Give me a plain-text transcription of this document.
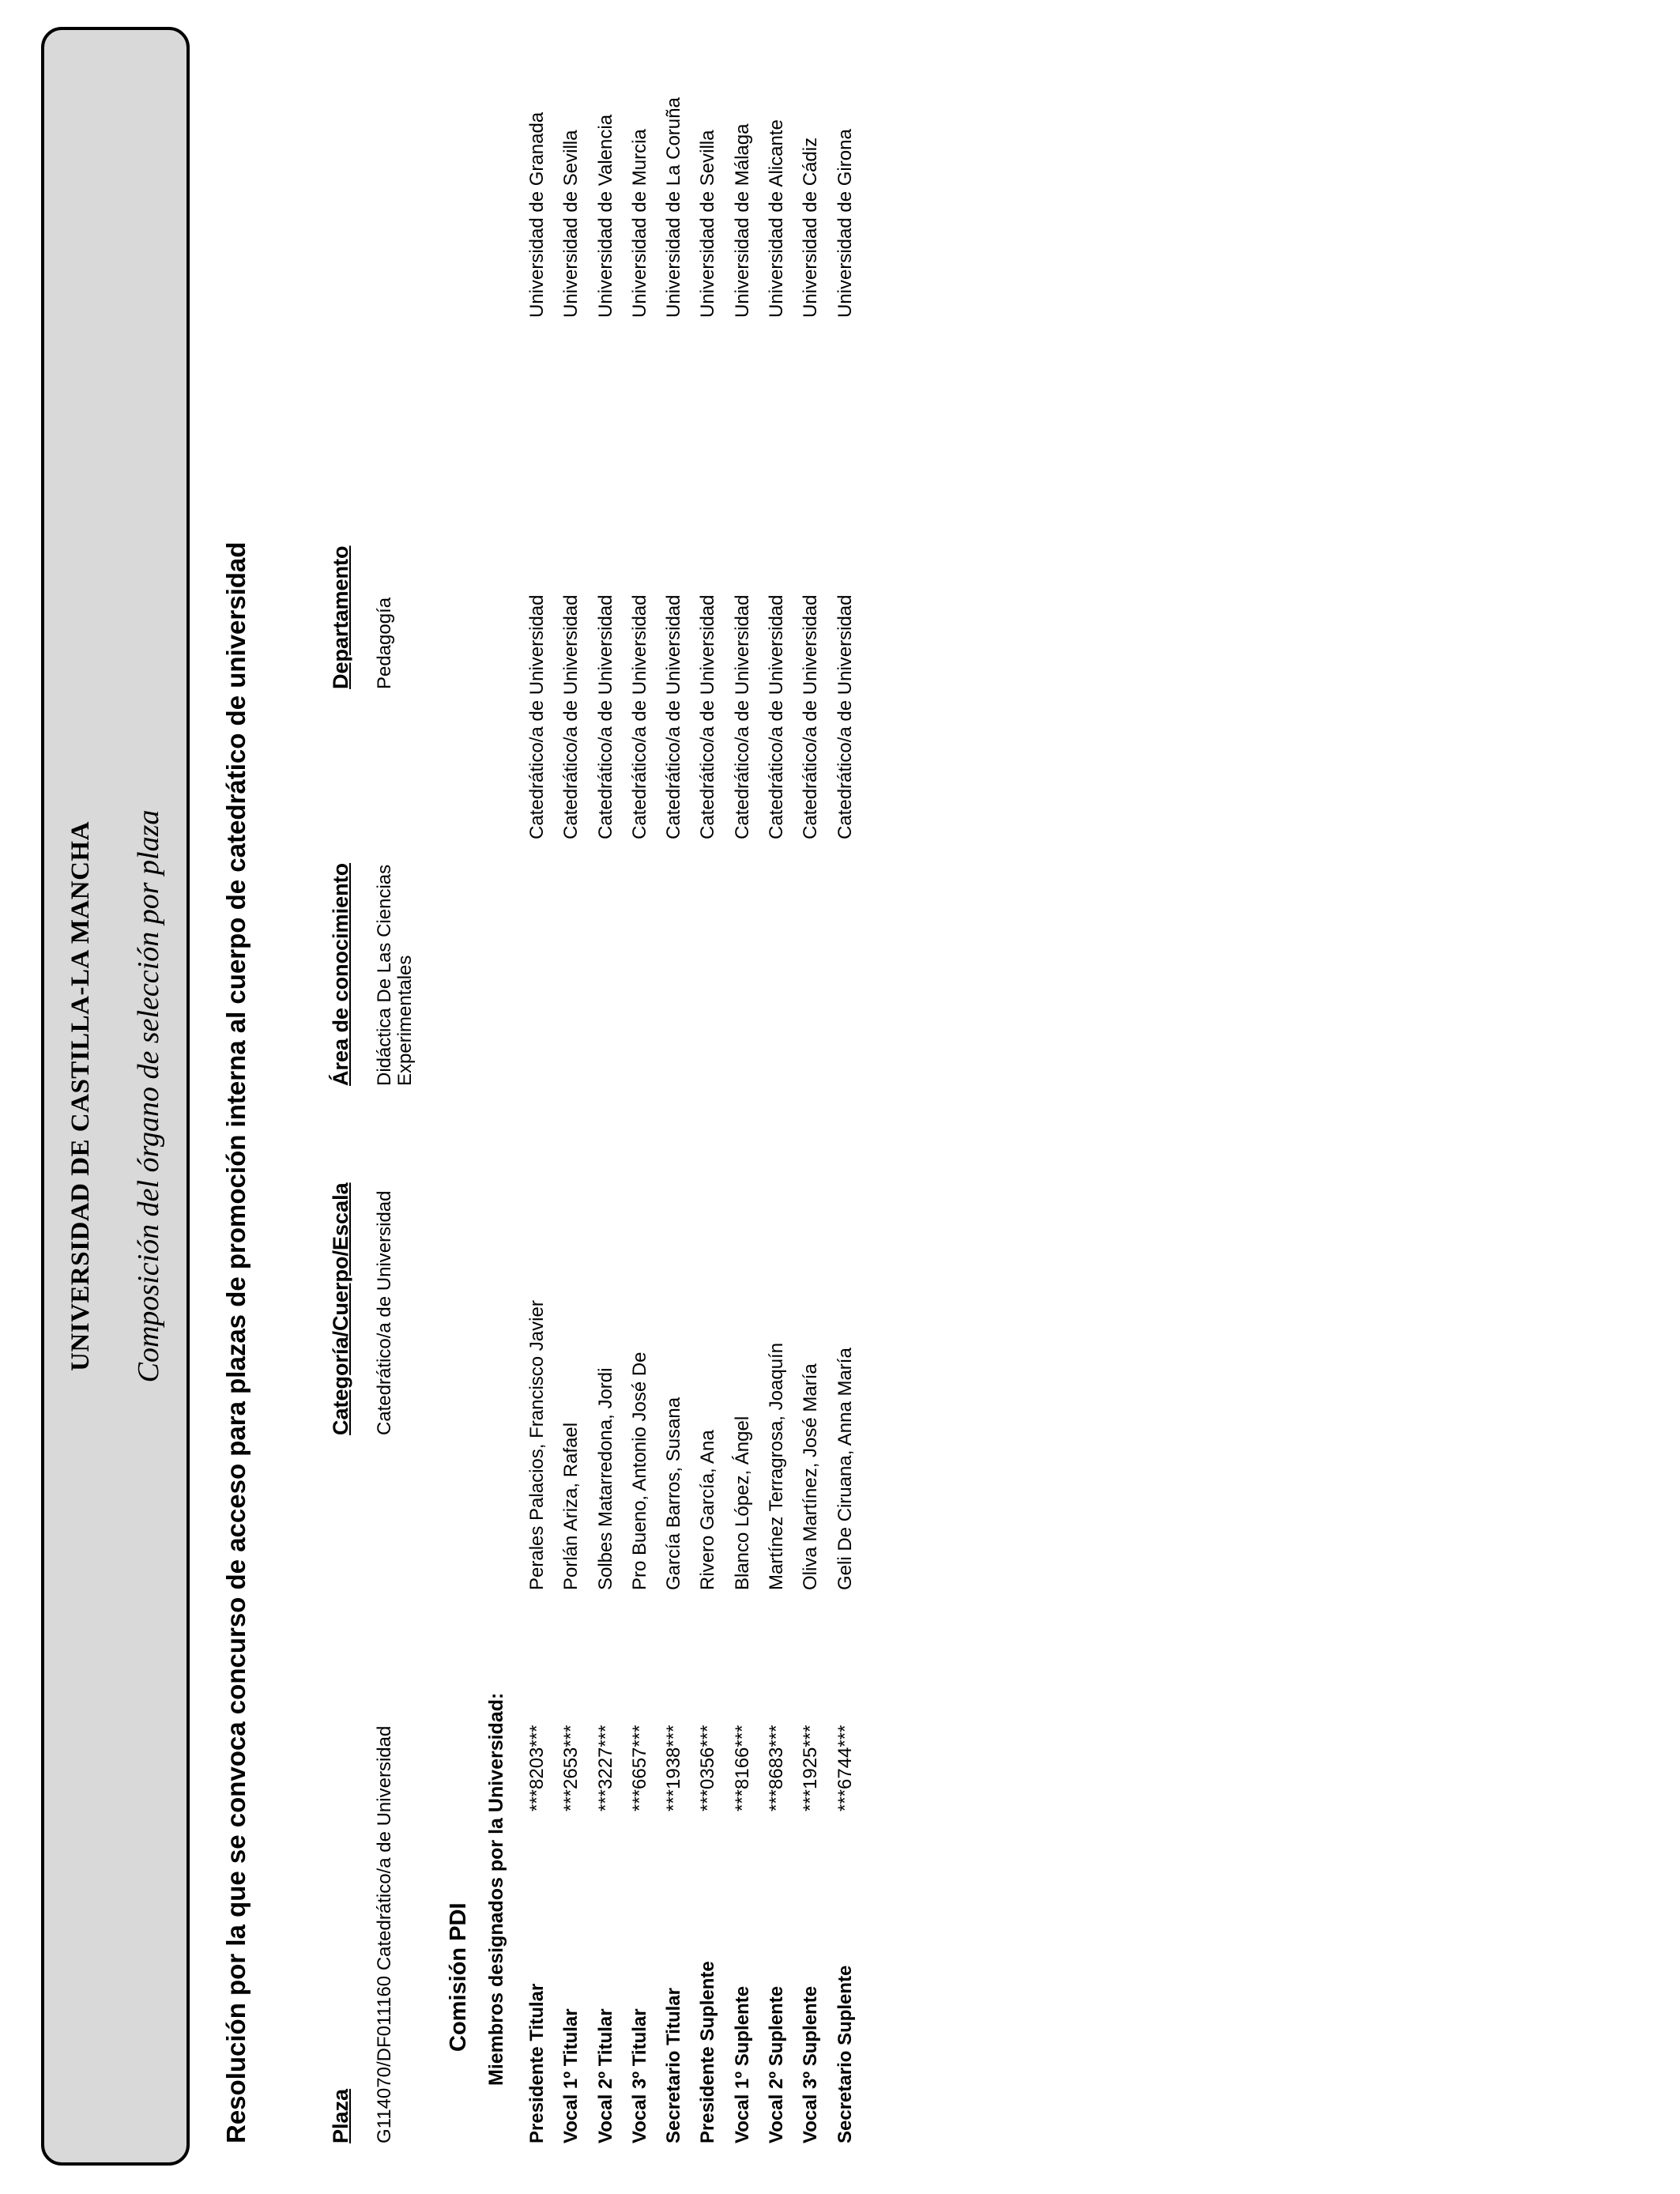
UNIVERSIDAD DE CASTILLA-LA MANCHA Composición del órgano de selección por plaza Resolución por la que se convoca concurso de acceso para plazas de promoción interna al cuerpo de catedrático de universidad	Plaza
Categoría/Cuerpo/Escala
Área de conocimiento
Departamento
G114070/DF011160 Catedrático/a de Universidad
Catedrático/a de Universidad
Didáctica De Las Ciencias Experimentales
Pedagogía
Comisión PDI Miembros designados por la Universidad: Presidente Titular
***8203***
Perales Palacios, Francisco Javier
Catedrático/a de Universidad
Universidad de Granada
Vocal 1º Titular
***2653***
Porlán Ariza, Rafael
Catedrático/a de Universidad
Universidad de Sevilla
Vocal 2º Titular
***3227***
Solbes Matarredona, Jordi
Catedrático/a de Universidad
Universidad de Valencia
Vocal 3º Titular
***6657***
Pro Bueno, Antonio José De
Catedrático/a de Universidad
Universidad de Murcia
Secretario Titular
***1938***
García Barros, Susana
Catedrático/a de Universidad
Universidad de La Coruña
Presidente Suplente
***0356***
Rivero García, Ana
Catedrático/a de Universidad
Universidad de Sevilla
Vocal 1º Suplente
***8166***
Blanco López, Ángel
Catedrático/a de Universidad
Universidad de Málaga
Vocal 2º Suplente
***8683***
Martínez Terragrosa, Joaquín
Catedrático/a de Universidad
Universidad de Alicante
Vocal 3º Suplente
***1925***
Oliva Martínez, José María
Catedrático/a de Universidad
Universidad de Cádiz
Secretario Suplente
***6744***
Geli De Ciruana, Anna María
Catedrático/a de Universidad
Universidad de Girona
